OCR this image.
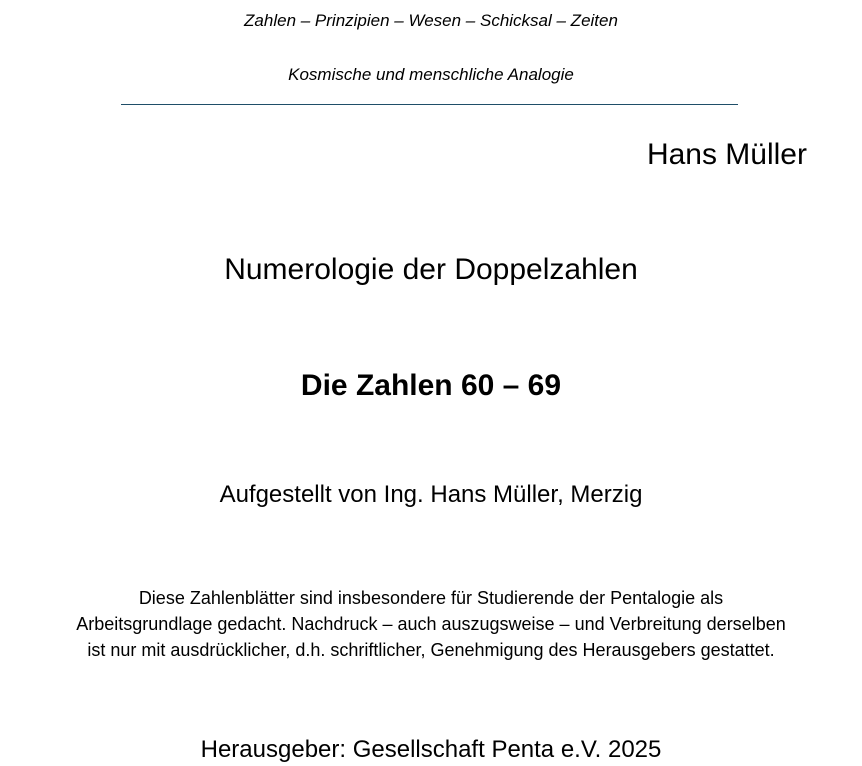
Zahlen – Prinzipien – Wesen – Schicksal – Zeiten
Kosmische und menschliche Analogie
Hans Müller
Numerologie der Doppelzahlen
Die Zahlen 60 – 69
Aufgestellt von Ing. Hans Müller, Merzig
Diese Zahlenblätter sind insbesondere für Studierende der Pentalogie als
Arbeitsgrundlage gedacht. Nachdruck – auch auszugsweise – und Verbreitung derselben
ist nur mit ausdrücklicher, d.h. schriftlicher, Genehmigung des Herausgebers gestattet.
Herausgeber: Gesellschaft Penta e.V. 2025
